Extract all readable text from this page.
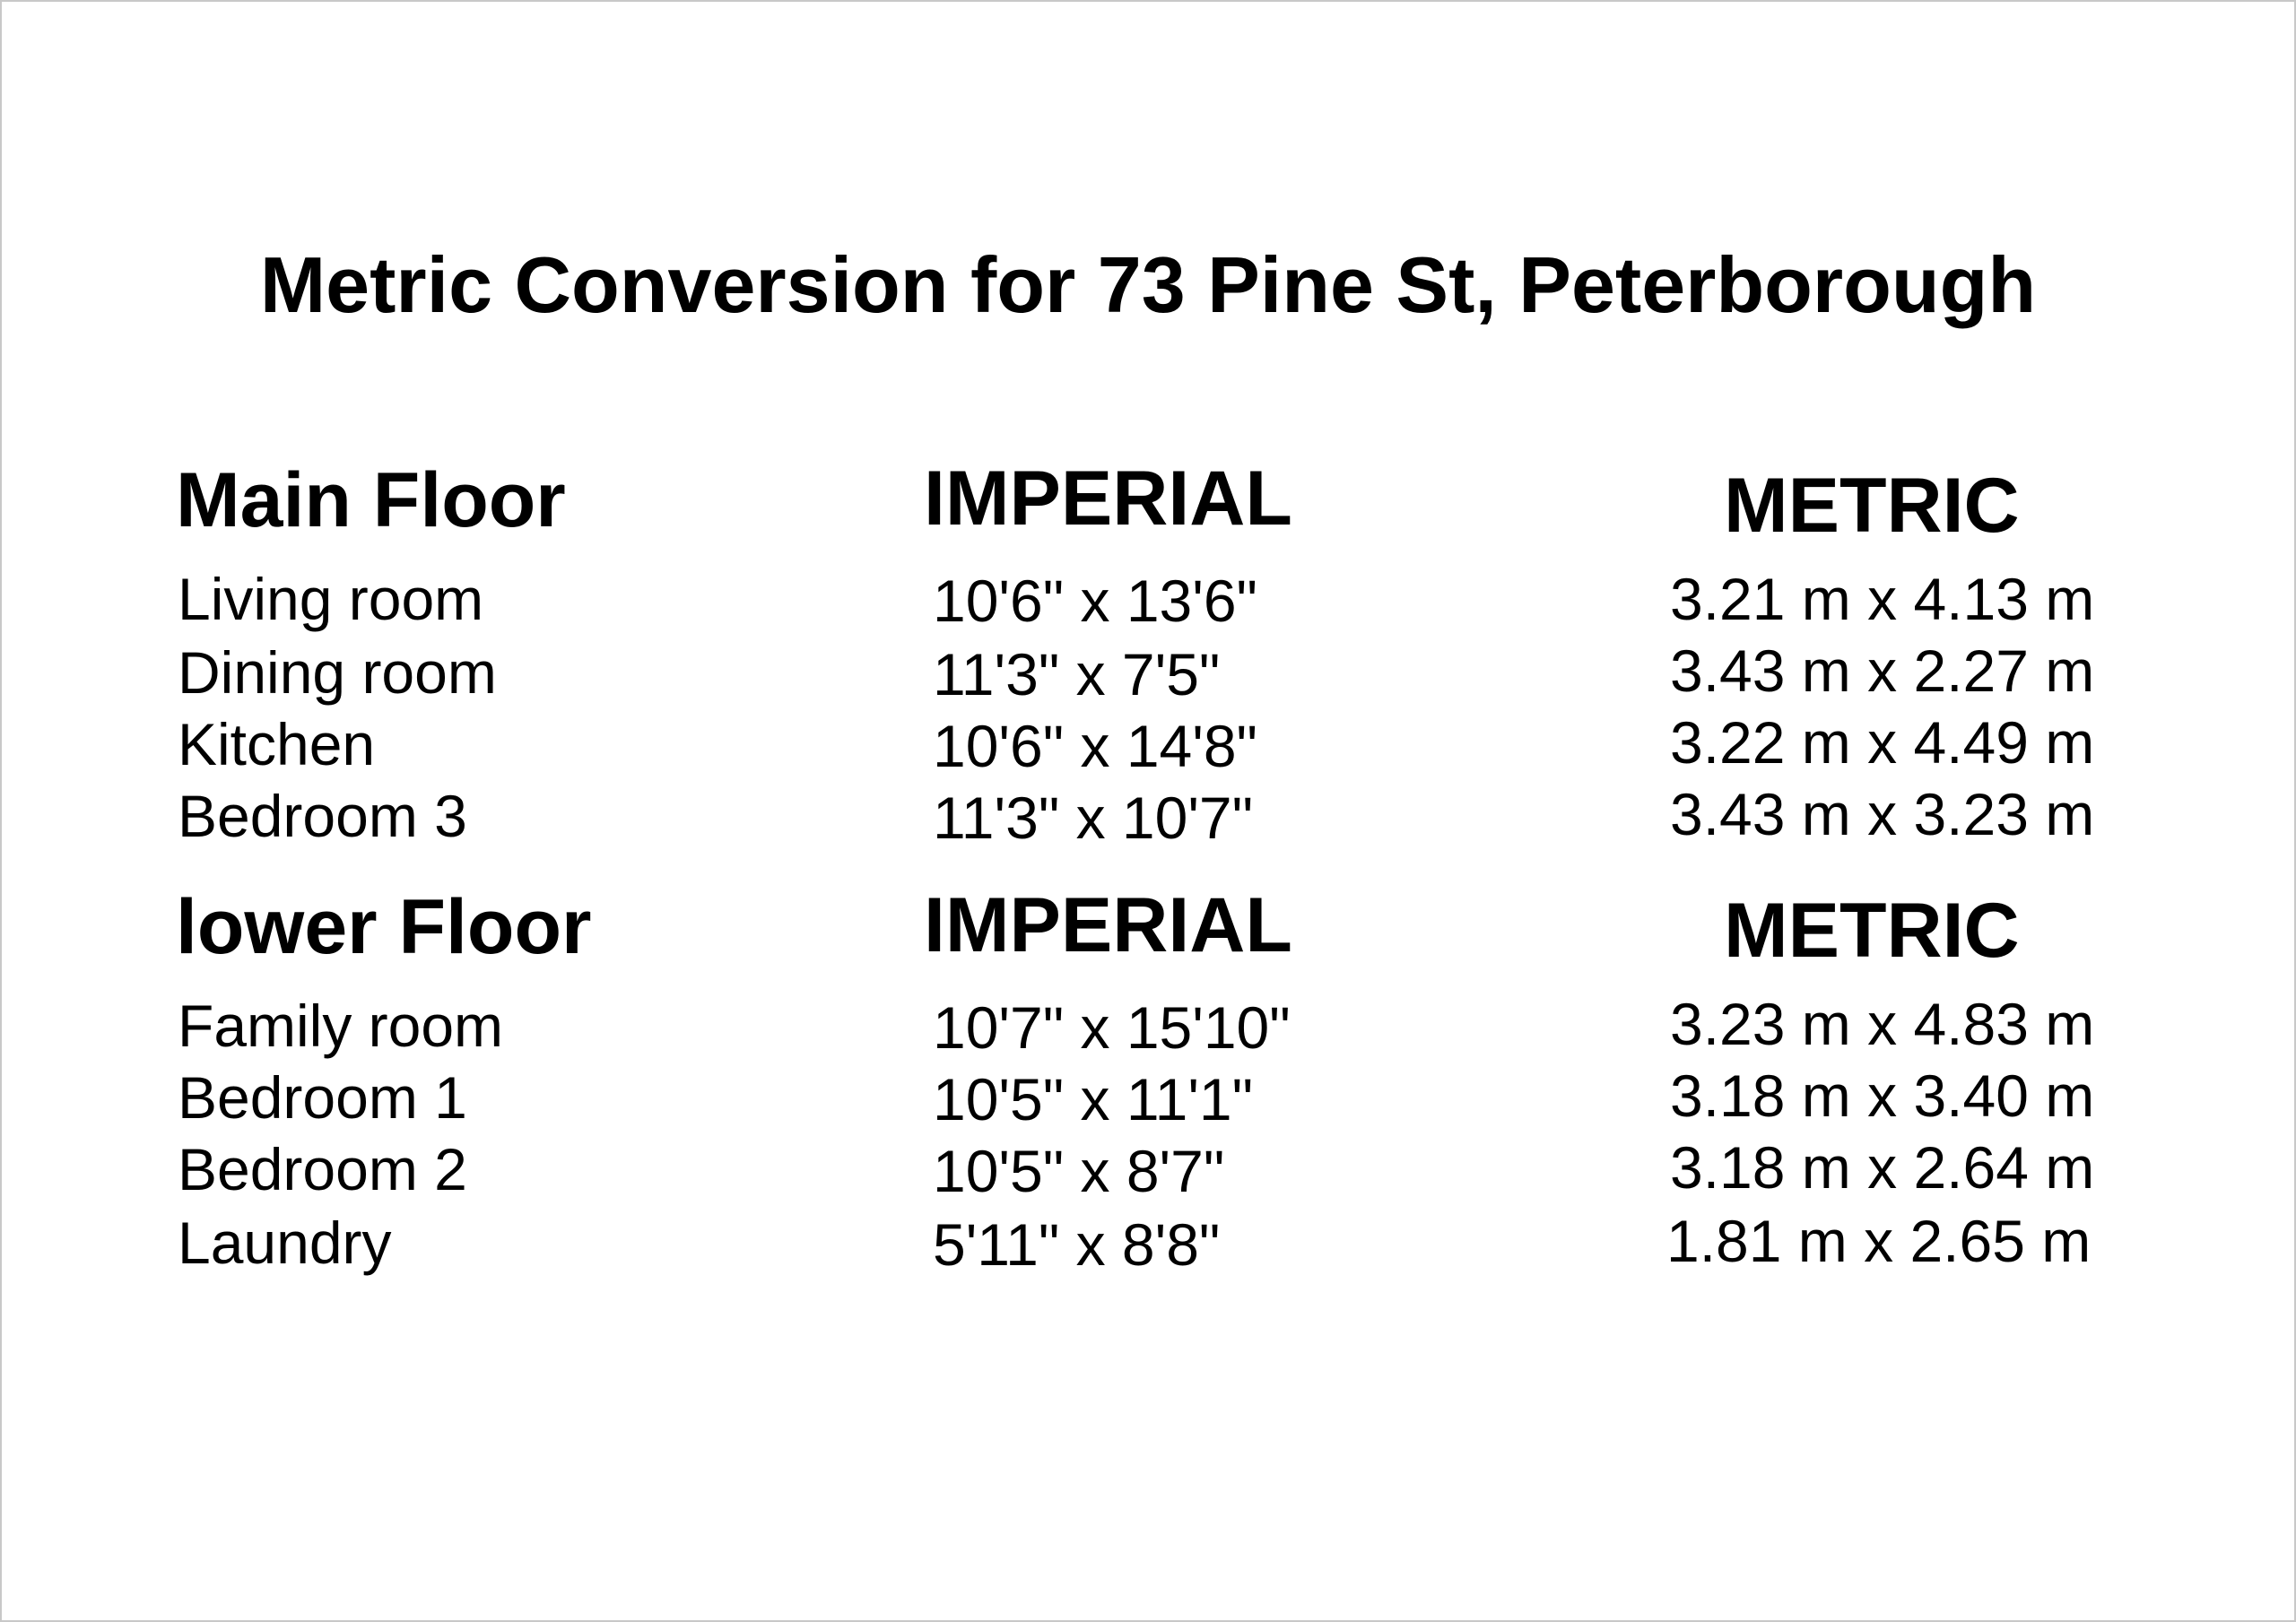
Metric Conversion for 73 Pine St, Peterborough
Main Floor	IMPERIAL	METRIC
Living room	10'6" x 13'6"	3.21 m x 4.13 m
Dining room	11'3" x 7'5"	3.43 m x 2.27 m
Kitchen	10'6" x 14'8"	3.22 m x 4.49 m
Bedroom 3	11'3" x 10'7"	3.43 m x 3.23 m
lower Floor	IMPERIAL	METRIC
Family room	10'7" x 15'10"	3.23 m x 4.83 m
Bedroom 1	10'5" x 11'1"	3.18 m x 3.40 m
Bedroom 2	10'5" x 8'7"	3.18 m x 2.64 m
Laundry	5'11" x 8'8"	1.81 m x 2.65 m
